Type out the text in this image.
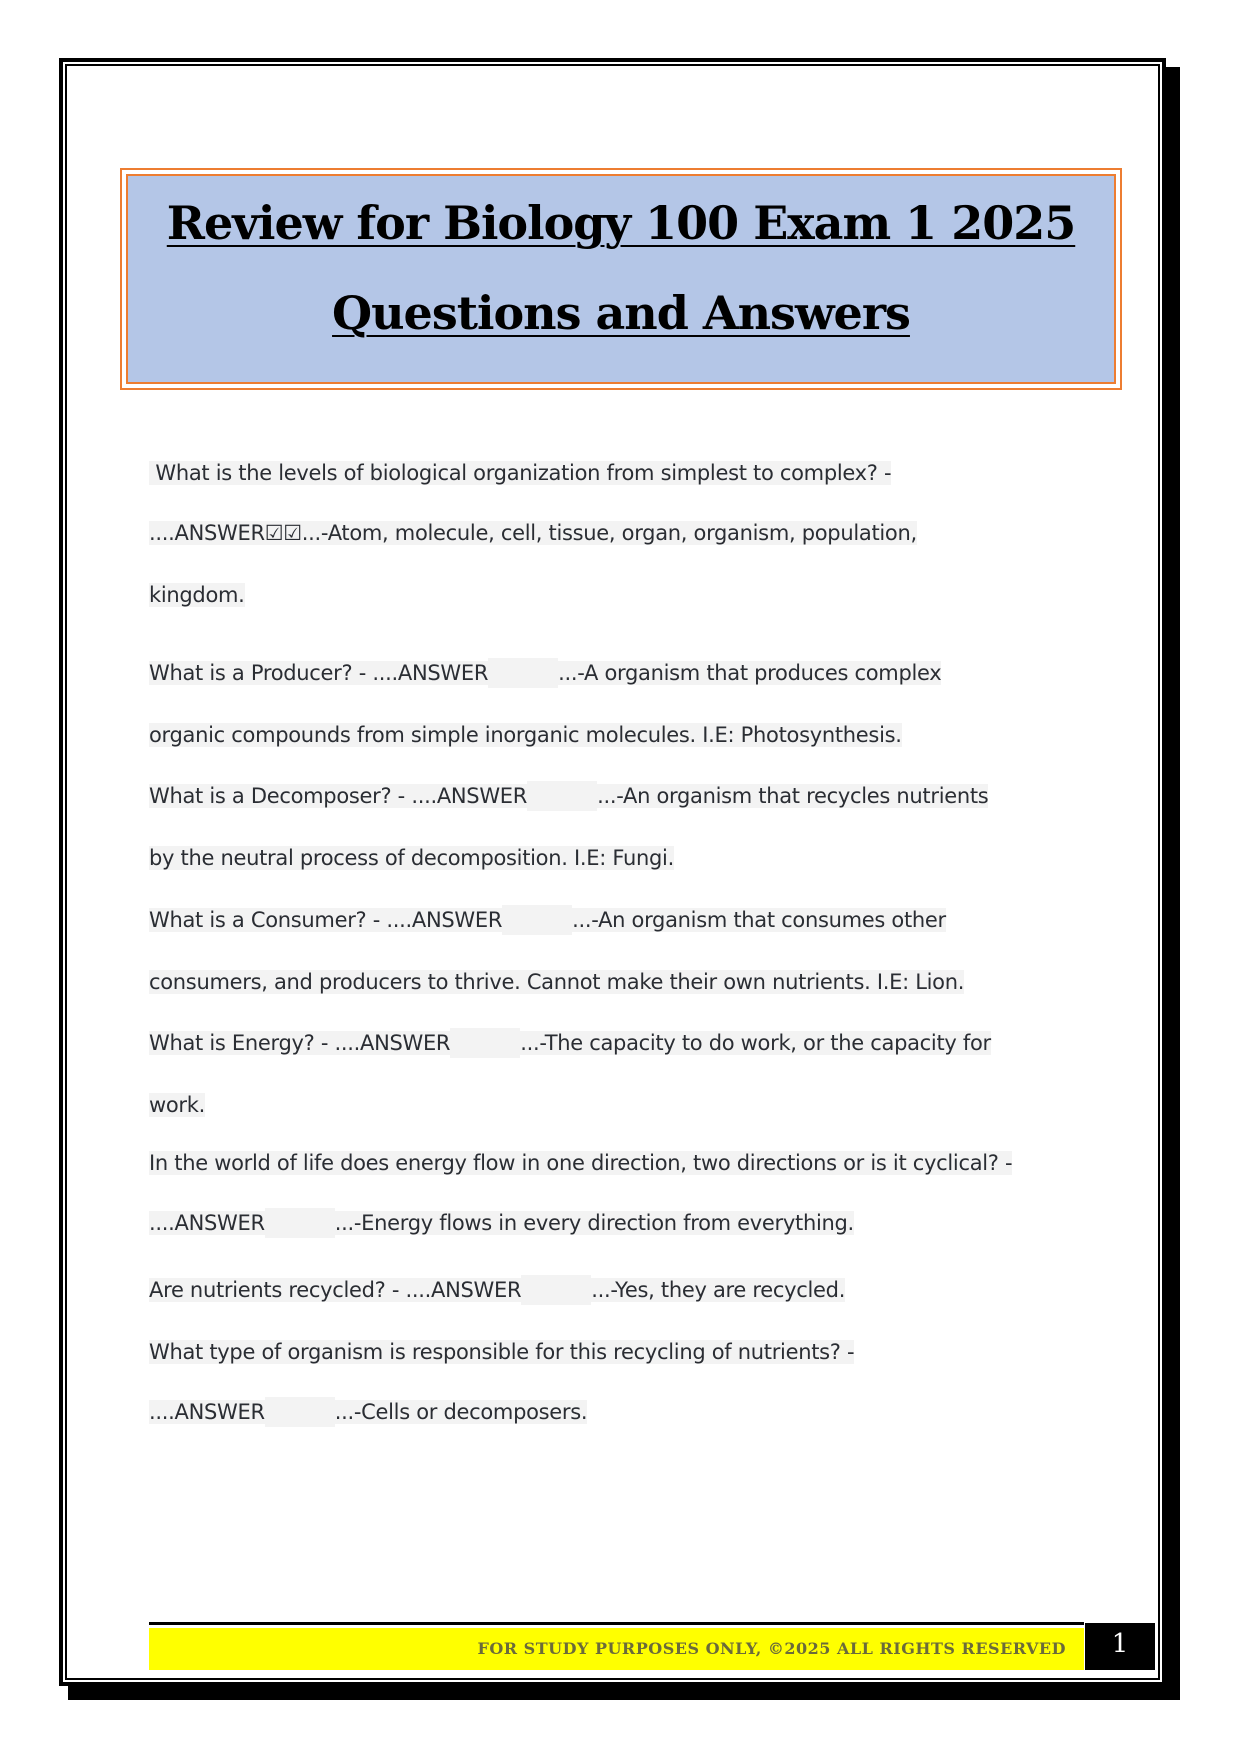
Review for Biology 100 Exam 1 2025
Questions and Answers
What is the levels of biological organization from simplest to complex? -
....ANSWER☑☑...-Atom, molecule, cell, tissue, organ, organism, population,
kingdom.
What is a Producer? - ....ANSWER	...-A organism that produces complex
organic compounds from simple inorganic molecules. I.E: Photosynthesis.
What is a Decomposer? - ....ANSWER	...-An organism that recycles nutrients
by the neutral process of decomposition. I.E: Fungi.
What is a Consumer? - ....ANSWER	...-An organism that consumes other
consumers, and producers to thrive. Cannot make their own nutrients. I.E: Lion.
What is Energy? - ....ANSWER	...-The capacity to do work, or the capacity for
work.
In the world of life does energy flow in one direction, two directions or is it cyclical? -
....ANSWER	...-Energy flows in every direction from everything.
Are nutrients recycled? - ....ANSWER	...-Yes, they are recycled.
What type of organism is responsible for this recycling of nutrients? -
....ANSWER	...-Cells or decomposers.
FOR STUDY PURPOSES ONLY, ©2025 ALL RIGHTS RESERVED	1
